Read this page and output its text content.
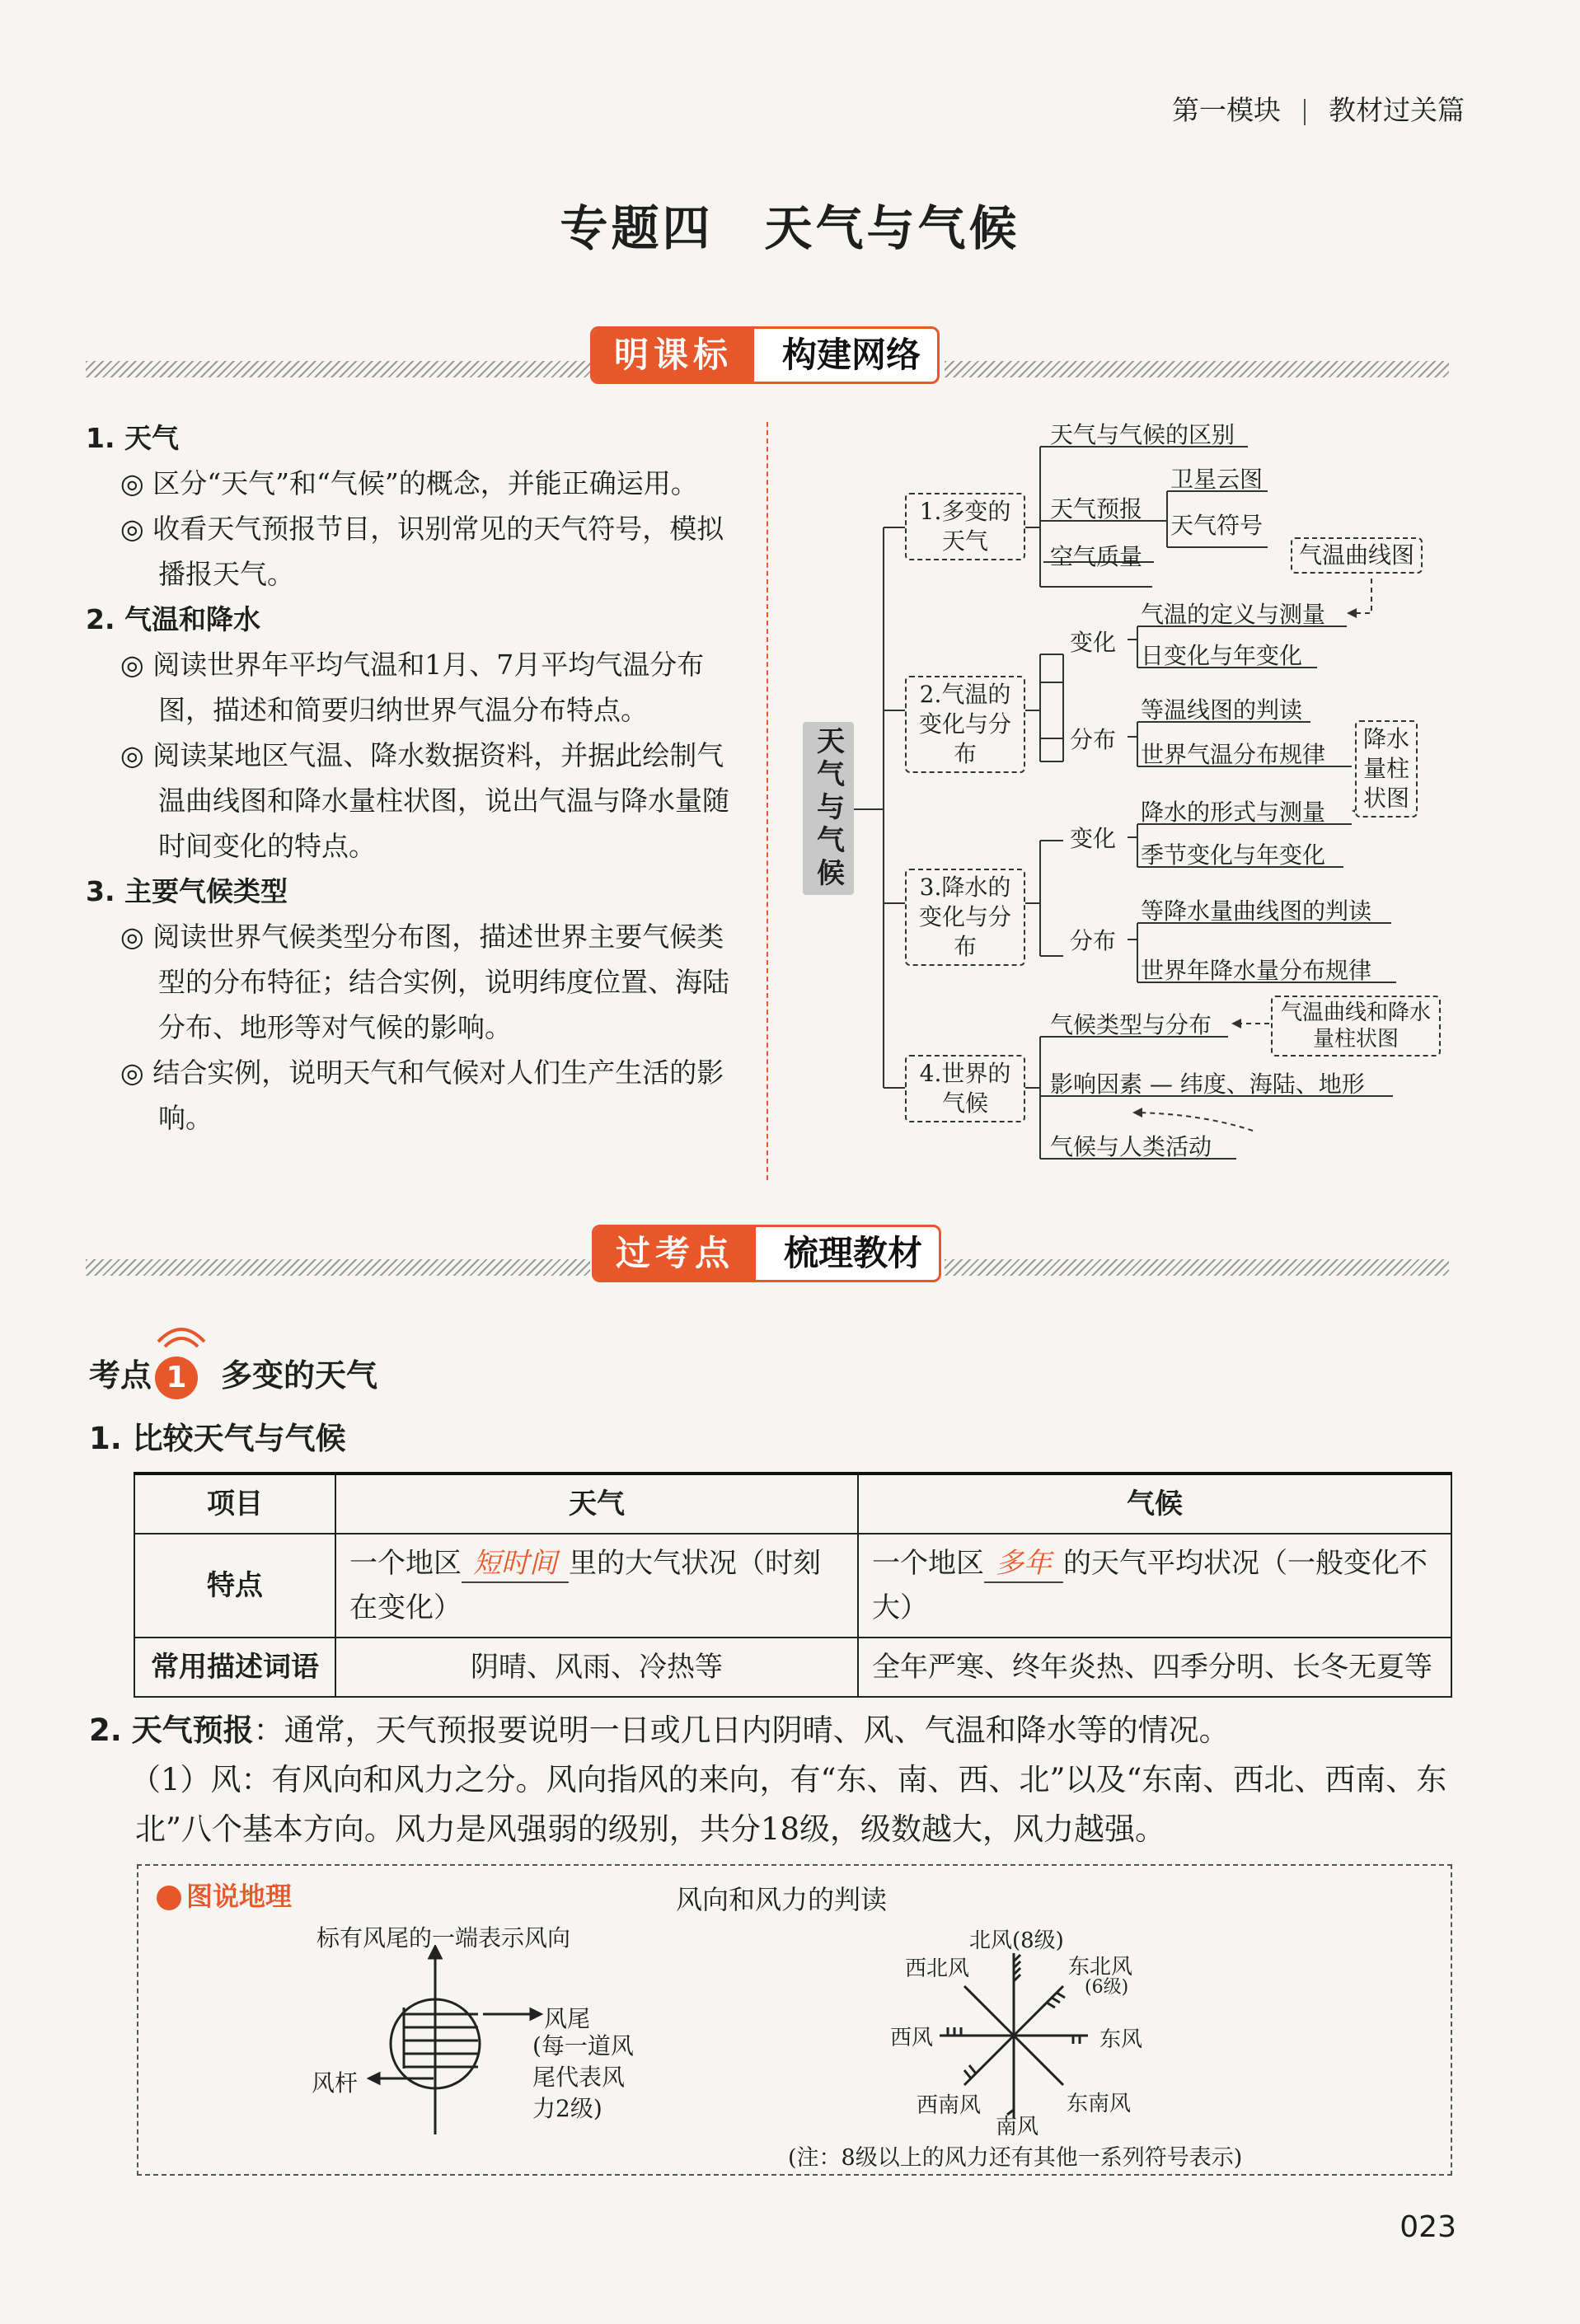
第一模块 教材过关篇
专题四　天气与气候
明课标	构建网络
1. 天气
◎ 区分“天气”和“气候”的概念，并能正确运用。
◎ 收看天气预报节目，识别常见的天气符号，模拟播报天气。
2. 气温和降水
◎ 阅读世界年平均气温和1月、7月平均气温分布图，描述和简要归纳世界气温分布特点。
◎ 阅读某地区气温、降水数据资料，并据此绘制气温曲线图和降水量柱状图，说出气温与降水量随时间变化的特点。
3. 主要气候类型
◎ 阅读世界气候类型分布图，描述世界主要气候类型的分布特征；结合实例，说明纬度位置、海陆分布、地形等对气候的影响。
◎ 结合实例，说明天气和气候对人们生产生活的影响。
天气与气候
1.多变的天气
2.气温的变化与分布
3.降水的变化与分布
4.世界的气候
天气与气候的区别
天气预报
卫星云图
天气符号
空气质量	气温曲线图
变化
气温的定义与测量
日变化与年变化
分布
等温线图的判读
世界气温分布规律
降水量柱状图
变化
降水的形式与测量
季节变化与年变化
分布
等降水量曲线图的判读
世界年降水量分布规律
气候类型与分布	气温曲线和降水量柱状图
影响因素 — 纬度、海陆、地形
气候与人类活动
过考点	梳理教材
考点 1 多变的天气
1. 比较天气与气候
项目	天气	气候
特点	一个地区 短时间 里的大气状况（时刻在变化）	一个地区 多年 的天气平均状况（一般变化不大）
常用描述词语	阴晴、风雨、冷热等	全年严寒、终年炎热、四季分明、长冬无夏等
2. 天气预报：通常，天气预报要说明一日或几日内阴晴、风、气温和降水等的情况。
（1）风：有风向和风力之分。风向指风的来向，有“东、南、西、北”以及“东南、西北、西南、东北”八个基本方向。风力是风强弱的级别，共分18级，级数越大，风力越强。
图说地理	风向和风力的判读
标有风尾的一端表示风向
风尾
(每一道风尾代表风力2级)
风杆
北风(8级)
西北风	东北风
(6级)
西风	东风
西南风
南风
东南风
(注：8级以上的风力还有其他一系列符号表示)
023
